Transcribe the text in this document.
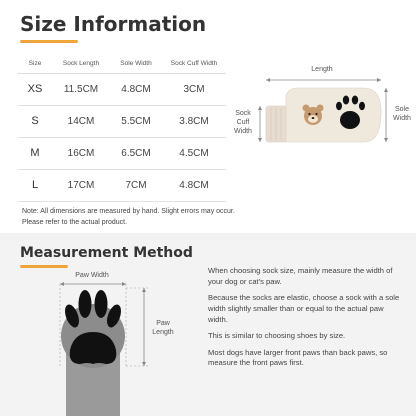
Size Information
Size	Sock Length	Sole Width	Sock Cuff Width
XS	11.5CM	4.8CM	3CM
S	14CM	5.5CM	3.8CM
M	16CM	6.5CM	4.5CM
L	17CM	7CM	4.8CM
Length
Sock
Cuff
Width
Sole
Width
Note: All dimensions are measured by hand. Slight errors may occur.
Please refer to the actual product.
Measurement Method
Paw Width
Paw
Length

When choosing sock size, mainly measure the width of your dog or cat's paw.

Because the socks are elastic, choose a sock with a sole width slightly smaller than or equal to the actual paw width.

This is similar to choosing shoes by size.

Most dogs have larger front paws than back paws, so measure the front paws first.
